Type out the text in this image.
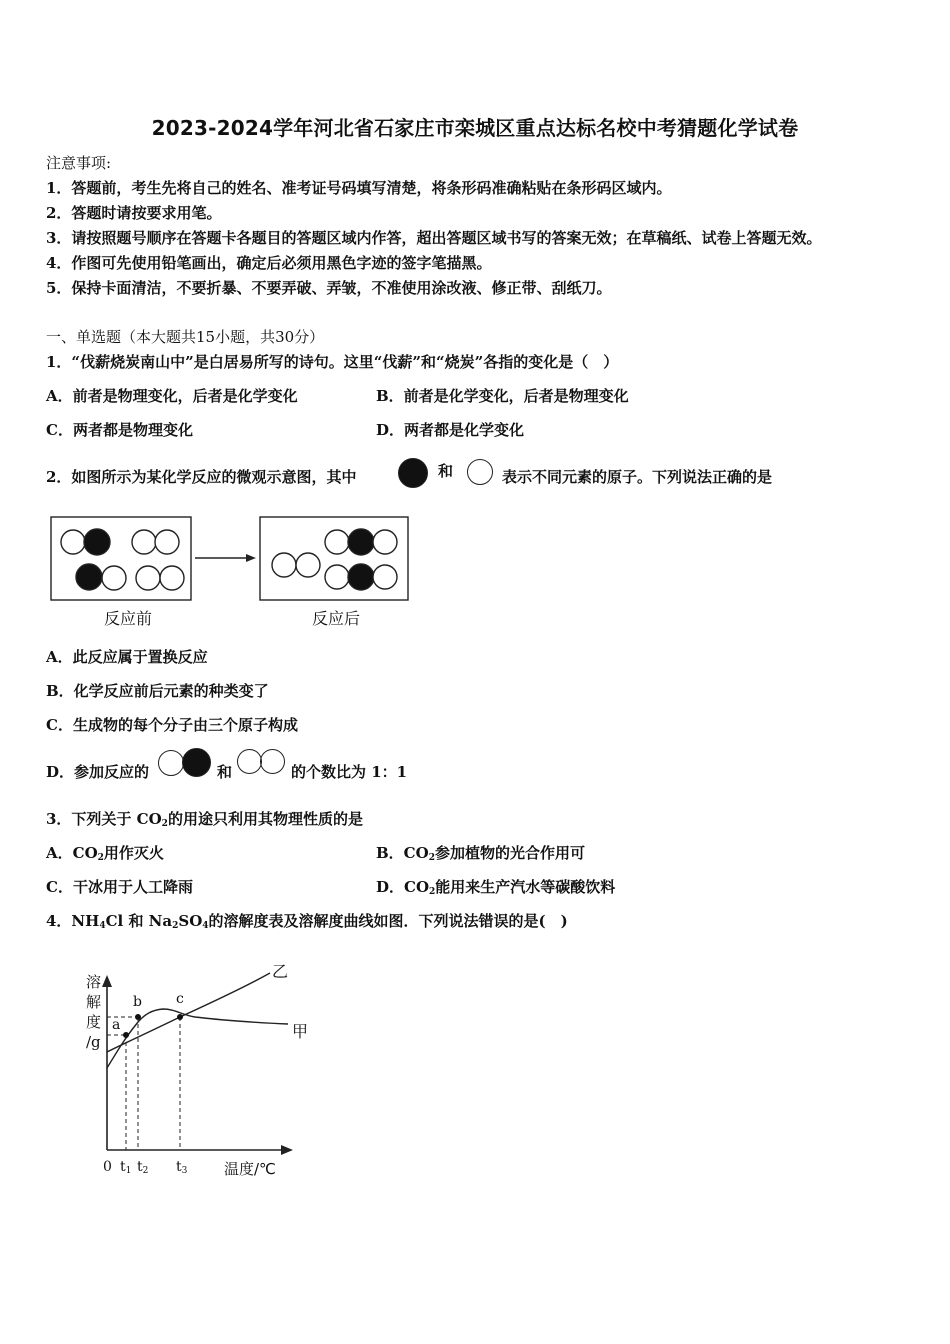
2023-2024学年河北省石家庄市栾城区重点达标名校中考猜题化学试卷
注意事项:
1．答题前，考生先将自己的姓名、准考证号码填写清楚，将条形码准确粘贴在条形码区域内。
2．答题时请按要求用笔。
3．请按照题号顺序在答题卡各题目的答题区域内作答，超出答题区域书写的答案无效；在草稿纸、试卷上答题无效。
4．作图可先使用铅笔画出，确定后必须用黑色字迹的签字笔描黑。
5．保持卡面清洁，不要折暴、不要弄破、弄皱，不准使用涂改液、修正带、刮纸刀。
一、单选题（本大题共15小题，共30分）
1．“伐薪烧炭南山中”是白居易所写的诗句。这里“伐薪”和“烧炭”各指的变化是（　）
A．前者是物理变化，后者是化学变化	B．前者是化学变化，后者是物理变化
C．两者都是物理变化	D．两者都是化学变化
2．如图所示为某化学反应的微观示意图，其中	和	表示不同元素的原子。下列说法正确的是
反应前	反应后
A．此反应属于置换反应
B．化学反应前后元素的种类变了
C．生成物的每个分子由三个原子构成
D．参加反应的	和	的个数比为 1：1
3．下列关于 $CO_2$的用途只利用其物理性质的是
A．$CO_2$用作灭火	B．$CO_2$参加植物的光合作用可
C．干冰用于人工降雨	D．$CO_2$能用来生产汽水等碳酸饮料
4．$NH_4Cl$ 和 $Na_2SO_4$的溶解度表及溶解度曲线如图．下列说法错误的是(　)
溶
解
度
/g
a
b c
乙
甲
0 $t_1$ $t_2$ $t_3$ 温度/℃
